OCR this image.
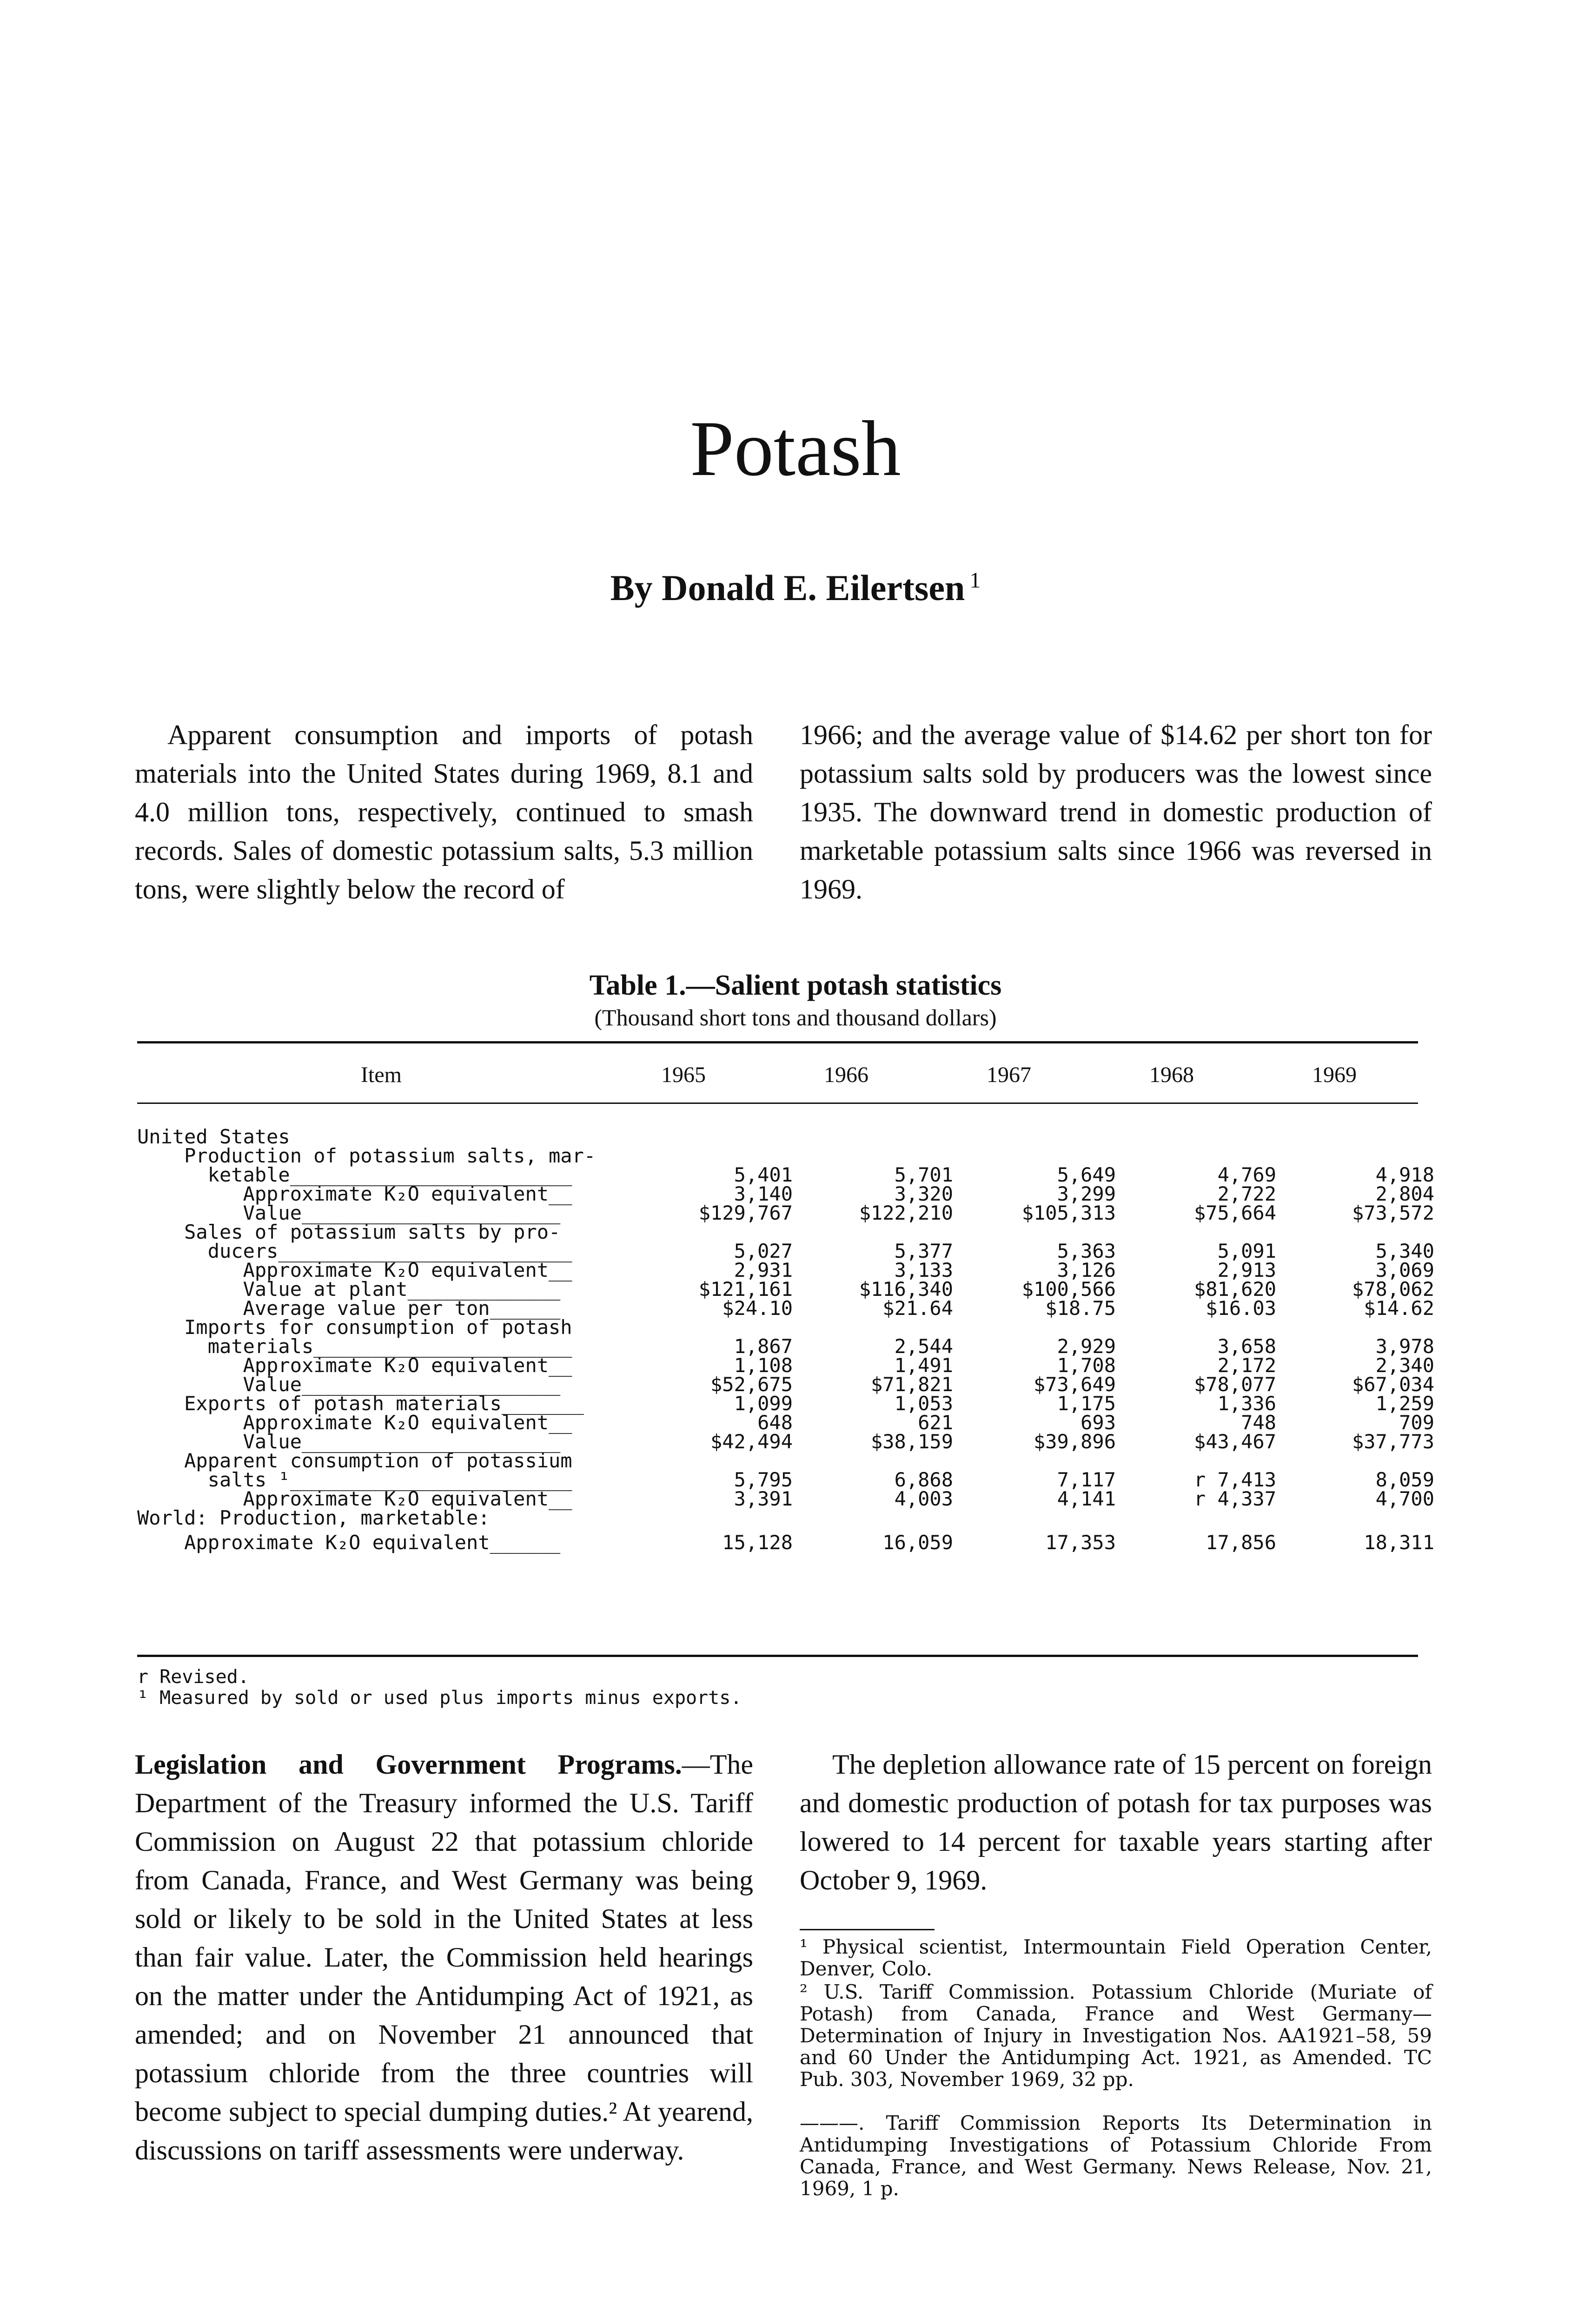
Potash
By Donald E. Eilertsen $^1$

Apparent consumption and imports of potash materials into the United States during 1969, 8.1 and 4.0 million tons, respectively, continued to smash records. Sales of domestic potassium salts, 5.3 million tons, were slightly below the record of

1966; and the average value of $14.62 per short ton for potassium salts sold by producers was the lowest since 1935. The downward trend in domestic production of marketable potassium salts since 1966 was reversed in 1969.

Table 1.—Salient potash statistics
(Thousand short tons and thousand dollars)
Item	1965	1966	1967	1968	1969
United States
Production of potassium salts, mar-
ketable________________________	5,401	5,701	5,649	4,769	4,918
Approximate K₂O equivalent__	3,140	3,320	3,299	2,722	2,804
Value______________________	$129,767	$122,210	$105,313	$75,664	$73,572
Sales of potassium salts by pro-
ducers_________________________	5,027	5,377	5,363	5,091	5,340
Approximate K₂O equivalent__	2,931	3,133	3,126	2,913	3,069
Value at plant_____________	$121,161	$116,340	$100,566	$81,620	$78,062
Average value per ton______	$24.10	$21.64	$18.75	$16.03	$14.62
Imports for consumption of potash
materials______________________	1,867	2,544	2,929	3,658	3,978
Approximate K₂O equivalent__	1,108	1,491	1,708	2,172	2,340
Value______________________	$52,675	$71,821	$73,649	$78,077	$67,034
Exports of potash materials_______	1,099	1,053	1,175	1,336	1,259
Approximate K₂O equivalent__	648	621	693	748	709
Value______________________	$42,494	$38,159	$39,896	$43,467	$37,773
Apparent consumption of potassium
salts ¹________________________	5,795	6,868	7,117	r 7,413	8,059
Approximate K₂O equivalent__	3,391	4,003	4,141	r 4,337	4,700
World: Production, marketable:
Approximate K₂O equivalent______	15,128	16,059	17,353	17,856	18,311
r Revised.
¹ Measured by sold or used plus imports minus exports.

Legislation and Government Programs.—The Department of the Treasury informed the U.S. Tariff Commission on August 22 that potassium chloride from Canada, France, and West Germany was being sold or likely to be sold in the United States at less than fair value. Later, the Commission held hearings on the matter under the Antidumping Act of 1921, as amended; and on November 21 announced that potassium chloride from the three countries will become subject to special dumping duties.² At yearend, discussions on tariff assessments were underway.

The depletion allowance rate of 15 percent on foreign and domestic production of potash for tax purposes was lowered to 14 percent for taxable years starting after October 9, 1969.

¹ Physical scientist, Intermountain Field Operation Center, Denver, Colo.
² U.S. Tariff Commission. Potassium Chloride (Muriate of Potash) from Canada, France and West Germany—Determination of Injury in Investigation Nos. AA1921–58, 59 and 60 Under the Antidumping Act. 1921, as Amended. TC Pub. 303, November 1969, 32 pp.
———. Tariff Commission Reports Its Determination in Antidumping Investigations of Potassium Chloride From Canada, France, and West Germany. News Release, Nov. 21, 1969, 1 p.
